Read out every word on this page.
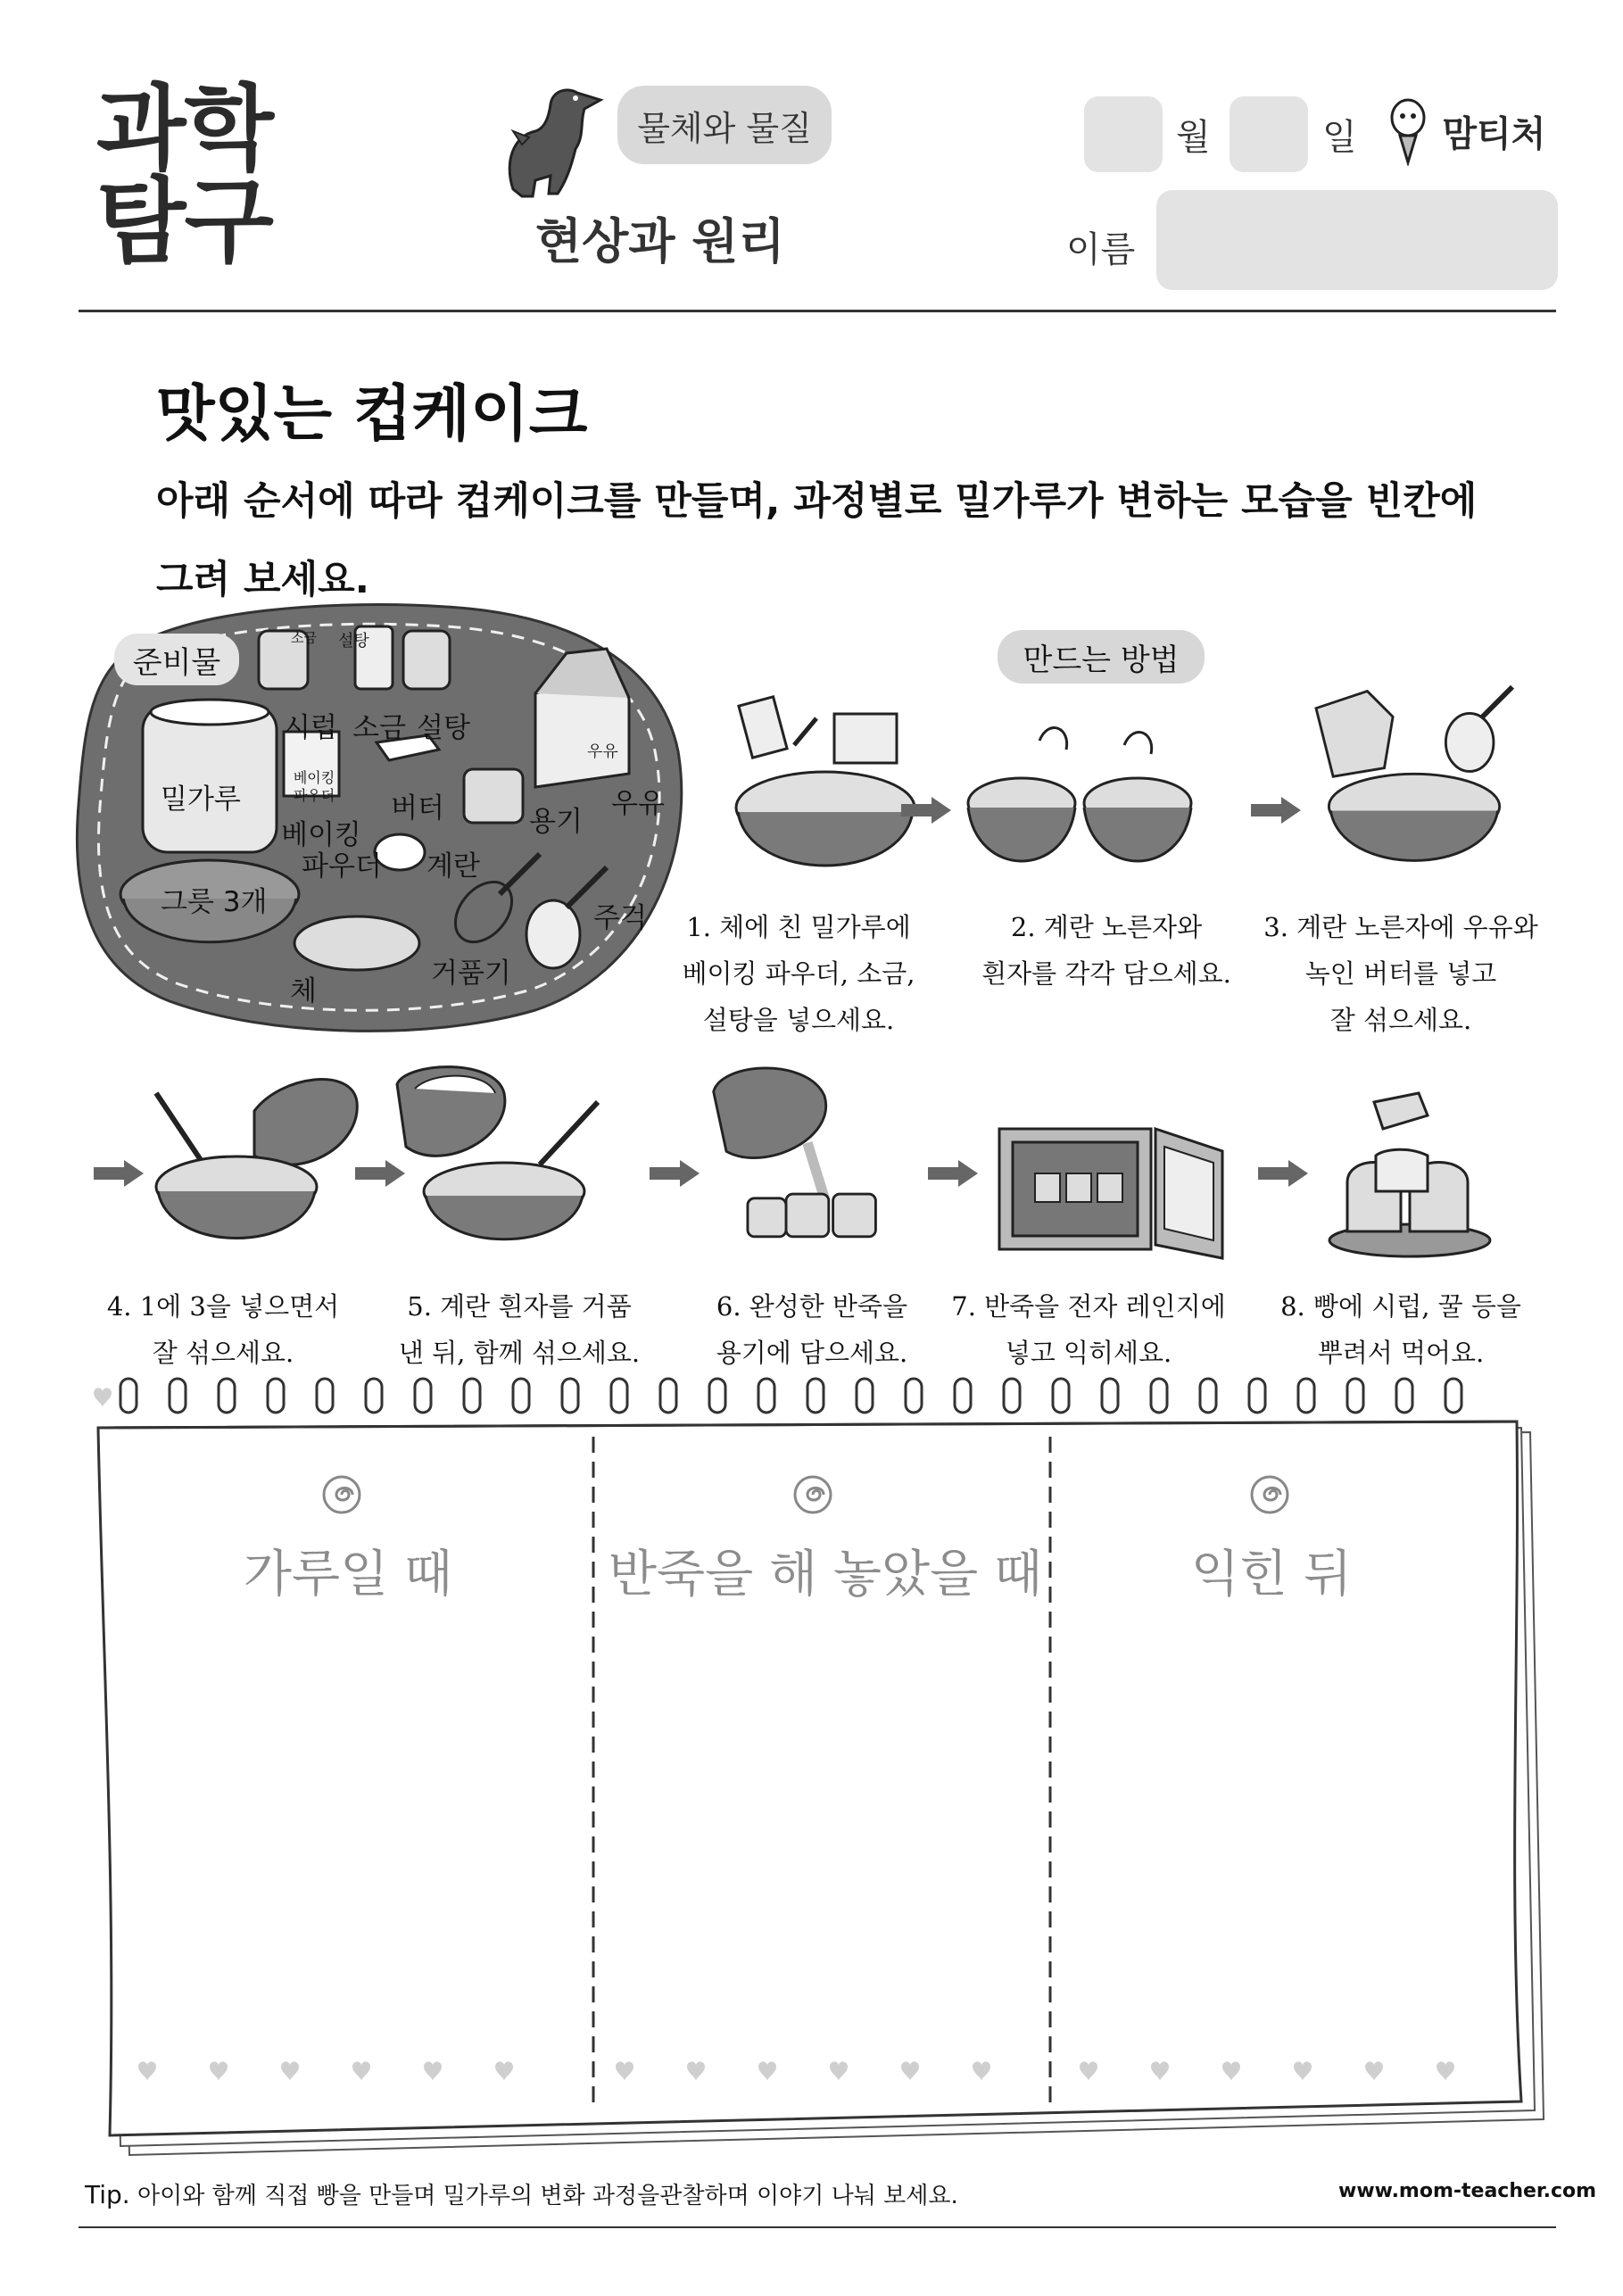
과학
탐구
물체와 물질
현상과 원리
월	일	맘티처
이름
맛있는 컵케이크
아래 순서에 따라 컵케이크를 만들며, 과정별로 밀가루가 변하는 모습을 빈칸에
그려 보세요.
준비물
소금 설탕
시럽 소금 설탕
밀가루
베이킹 파우더 버터
우유
용기
우유
베이킹
파우더 계란
그릇 3개	주걱
체
거품기
만드는 방법
1. 체에 친 밀가루에
베이킹 파우더, 소금,
설탕을 넣으세요.
2. 계란 노른자와
흰자를 각각 담으세요.
3. 계란 노른자에 우유와
녹인 버터를 넣고
잘 섞으세요.
4. 1에 3을 넣으면서
잘 섞으세요.
5. 계란 흰자를 거품
낸 뒤, 함께 섞으세요.
6. 완성한 반죽을
용기에 담으세요.
7. 반죽을 전자 레인지에
넣고 익히세요.
8. 빵에 시럽, 꿀 등을
뿌려서 먹어요.
가루일 때	반죽을 해 놓았을 때	익힌 뒤
Tip. 아이와 함께 직접 빵을 만들며 밀가루의 변화 과정을관찰하며 이야기 나눠 보세요.	www.mom-teacher.com
